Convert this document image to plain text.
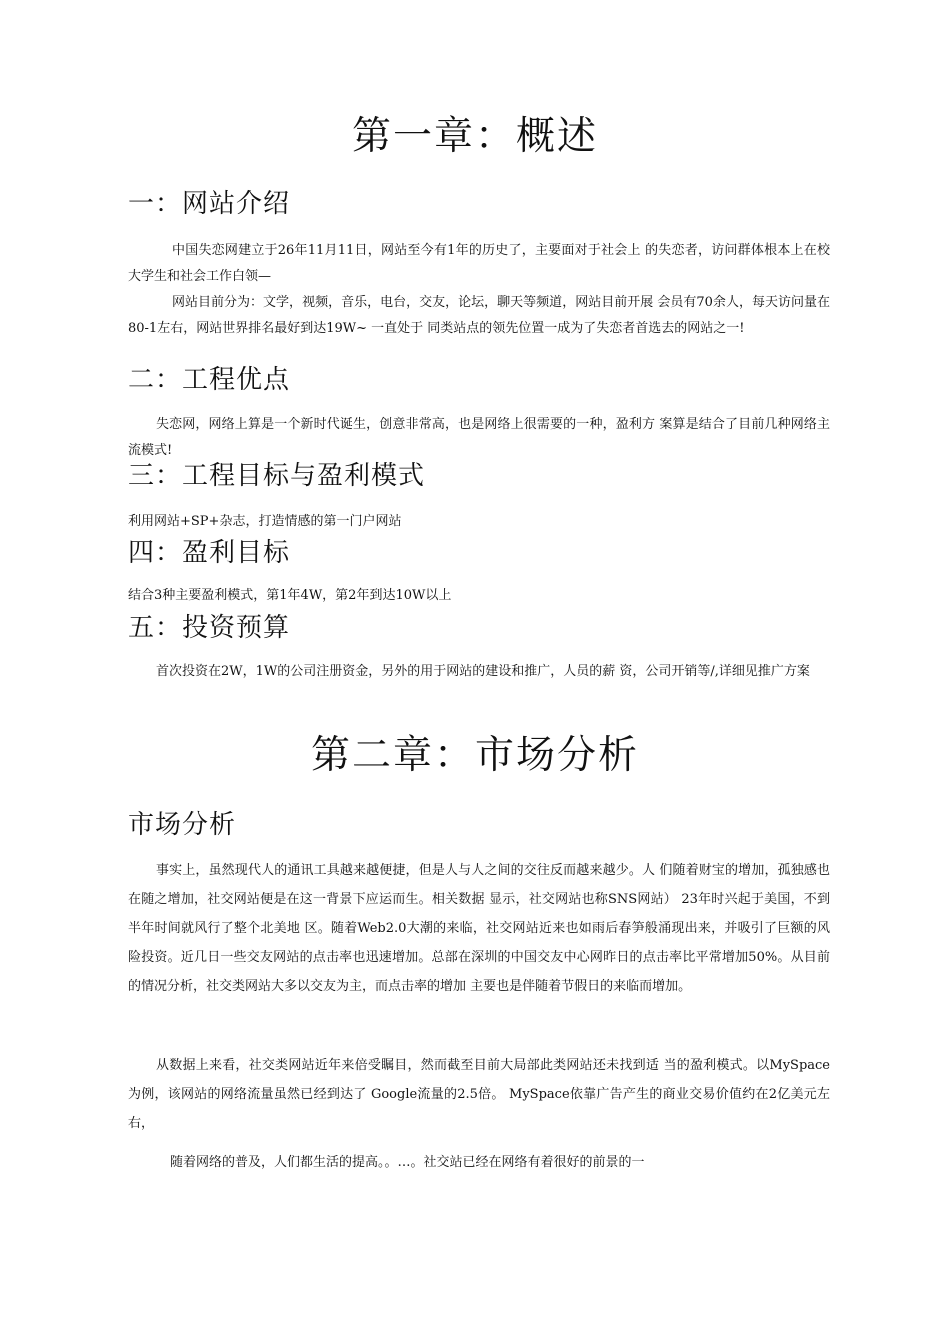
第一章：概述
一：网站介绍

中国失恋网建立于26年11月11日，网站至今有1年的历史了，主要面对于社会上 的失恋者，访问群体根本上在校大学生和社会工作白领—

网站目前分为：文学，视频，音乐，电台，交友，论坛，聊天等频道，网站目前开展 会员有70余人，每天访问量在80-1左右，网站世界排名最好到达19W~ 一直处于 同类站点的领先位置一成为了失恋者首选去的网站之一!

二：工程优点

失恋网，网络上算是一个新时代诞生，创意非常高，也是网络上很需要的一种，盈利方 案算是结合了目前几种网络主流模式!

三：工程目标与盈利模式

利用网站+SP+杂志，打造情感的第一门户网站

四：盈利目标

结合3种主要盈利模式，第1年4W，第2年到达10W以上

五：投资预算

首次投资在2W，1W的公司注册资金，另外的用于网站的建设和推广，人员的薪 资，公司开销等/,详细见推广方案

第二章：市场分析
市场分析

事实上，虽然现代人的通讯工具越来越便捷，但是人与人之间的交往反而越来越少。人 们随着财宝的增加，孤独感也在随之增加，社交网站便是在这一背景下应运而生。相关数据 显示，社交网站也称SNS网站） 23年时兴起于美国，不到半年时间就风行了整个北美地 区。随着Web2.0大潮的来临，社交网站近来也如雨后春笋般涌现出来，并吸引了巨额的风 险投资。近几日一些交友网站的点击率也迅速增加。总部在深圳的中国交友中心网昨日的点击率比平常增加50%。从目前的情况分析，社交类网站大多以交友为主，而点击率的增加 主要也是伴随着节假日的来临而增加。

从数据上来看，社交类网站近年来倍受瞩目，然而截至目前大局部此类网站还未找到适 当的盈利模式。以MySpace为例，该网站的网络流量虽然已经到达了 Google流量的2.5倍。 MySpace依靠广告产生的商业交易价值约在2亿美元左右，

随着网络的普及，人们都生活的提高。。…。社交站已经在网络有着很好的前景的一
